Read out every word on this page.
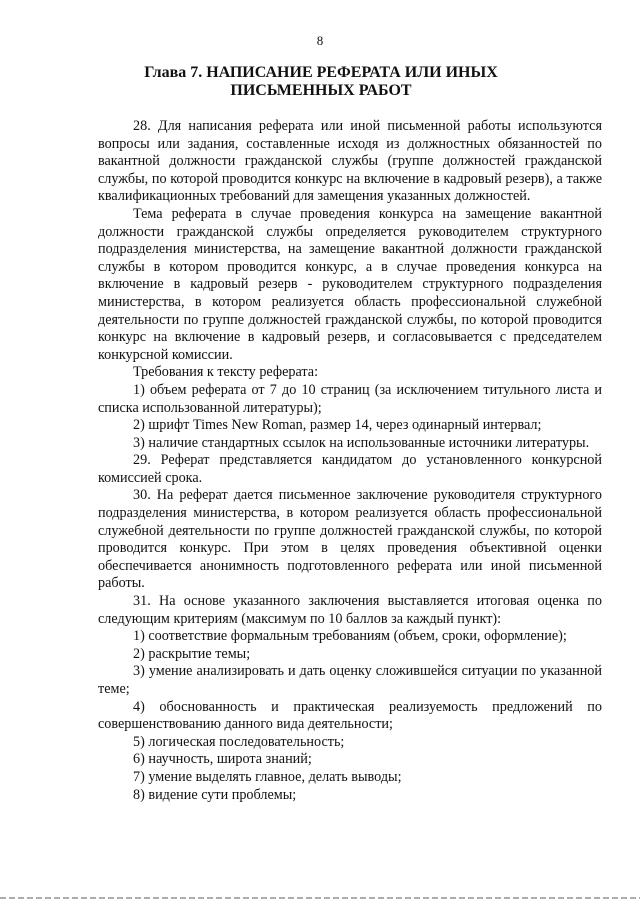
8
Глава 7. НАПИСАНИЕ РЕФЕРАТА ИЛИ ИНЫХ ПИСЬМЕННЫХ РАБОТ

28. Для написания реферата или иной письменной работы используются вопросы или задания, составленные исходя из должностных обязанностей по вакантной должности гражданской службы (группе должностей гражданской службы, по которой проводится конкурс на включение в кадровый резерв), а также квалификационных требований для замещения указанных должностей.

Тема реферата в случае проведения конкурса на замещение вакантной должности гражданской службы определяется руководителем структурного подразделения министерства, на замещение вакантной должности гражданской службы в котором проводится конкурс, а в случае проведения конкурса на включение в кадровый резерв - руководителем структурного подразделения министерства, в котором реализуется область профессиональной служебной деятельности по группе должностей гражданской службы, по которой проводится конкурс на включение в кадровый резерв, и согласовывается с председателем конкурсной комиссии.

Требования к тексту реферата:

1) объем реферата от 7 до 10 страниц (за исключением титульного листа и списка использованной литературы);

2) шрифт Times New Roman, размер 14, через одинарный интервал;

3) наличие стандартных ссылок на использованные источники литературы.

29. Реферат представляется кандидатом до установленного конкурсной комиссией срока.

30. На реферат дается письменное заключение руководителя структурного подразделения министерства, в котором реализуется область профессиональной служебной деятельности по группе должностей гражданской службы, по которой проводится конкурс. При этом в целях проведения объективной оценки обеспечивается анонимность подготовленного реферата или иной письменной работы.

31. На основе указанного заключения выставляется итоговая оценка по следующим критериям (максимум по 10 баллов за каждый пункт):

1) соответствие формальным требованиям (объем, сроки, оформление);

2) раскрытие темы;

3) умение анализировать и дать оценку сложившейся ситуации по указанной теме;

4) обоснованность и практическая реализуемость предложений по совершенствованию данного вида деятельности;

5) логическая последовательность;

6) научность, широта знаний;

7) умение выделять главное, делать выводы;

8) видение сути проблемы;
